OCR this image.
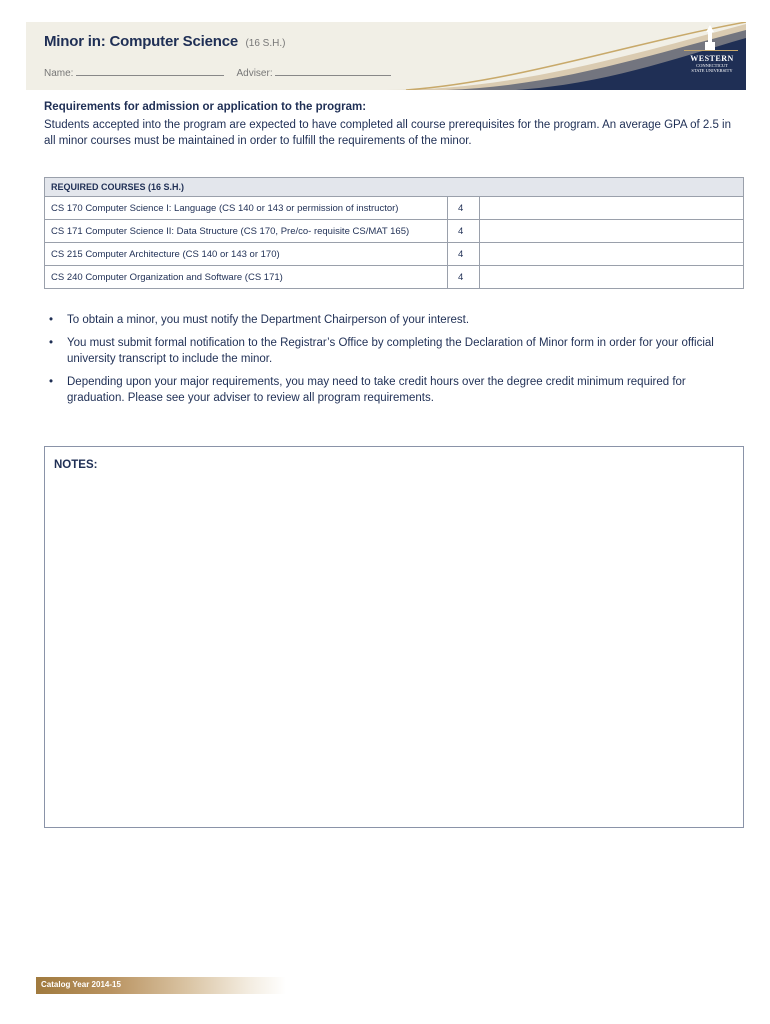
Minor in: Computer Science (16 S.H.)
Name:	Adviser:
WESTERN
CONNECTICUT
STATE UNIVERSITY
Requirements for admission or application to the program:
Students accepted into the program are expected to have completed all course prerequisites for the program. An average GPA of 2.5 in all minor courses must be maintained in order to fulfill the requirements of the minor.
REQUIRED COURSES (16 S.H.)		
CS 170 Computer Science I: Language (CS 140 or 143 or permission of instructor)	4	
CS 171 Computer Science II: Data Structure (CS 170, Pre/co- requisite CS/MAT 165)	4	
CS 215 Computer Architecture (CS 140 or 143 or 170)	4	
CS 240 Computer Organization and Software (CS 171)	4	
• To obtain a minor, you must notify the Department Chairperson of your interest.
• You must submit formal notification to the Registrar’s Office by completing the Declaration of Minor form in order for your official university transcript to include the minor.
• Depending upon your major requirements, you may need to take credit hours over the degree credit minimum required for graduation. Please see your adviser to review all program requirements.
NOTES:
Catalog Year 2014-15
